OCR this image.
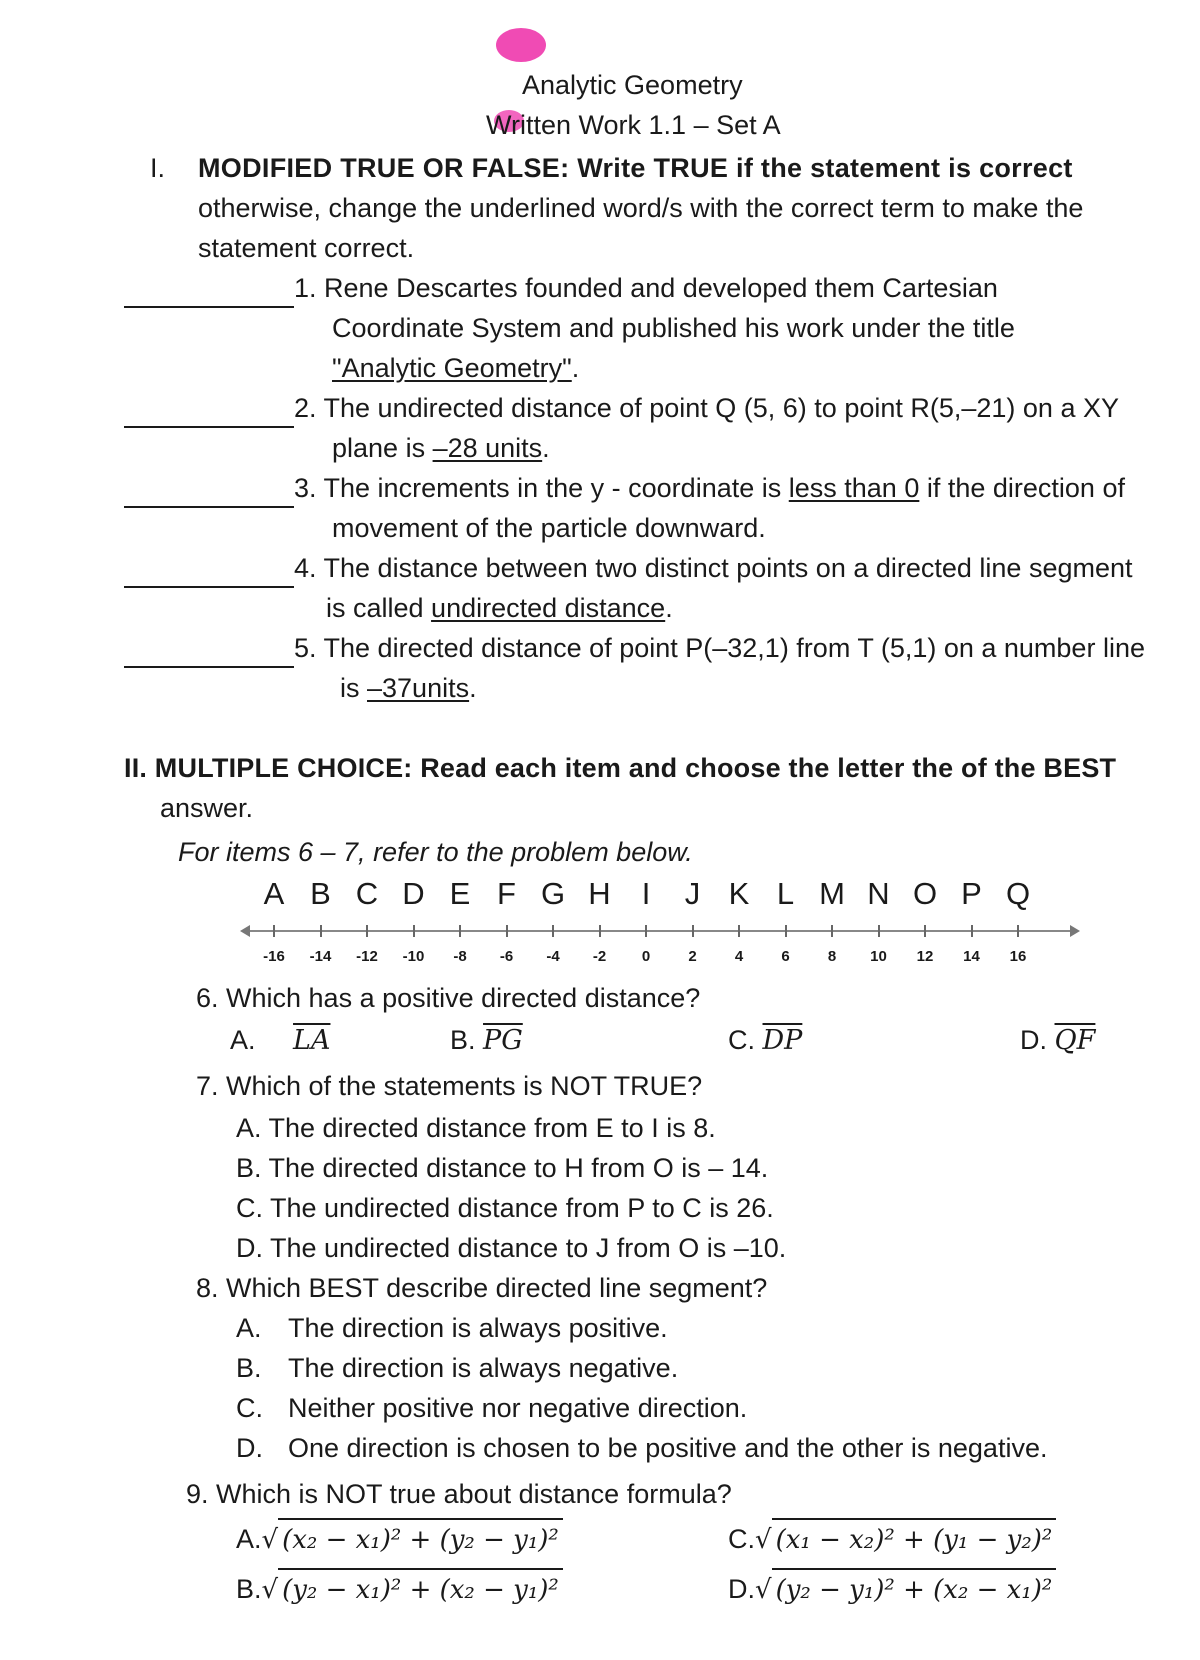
Analytic Geometry
Written Work 1.1 – Set A
I. MODIFIED TRUE OR FALSE: Write TRUE if the statement is correct
otherwise, change the underlined word/s with the correct term to make the
statement correct.
1. Rene Descartes founded and developed them Cartesian
Coordinate System and published his work under the title
"Analytic Geometry".
2. The undirected distance of point Q (5, 6) to point R(5,–21) on a XY
plane is –28 units.
3. The increments in the y - coordinate is less than 0 if the direction of
movement of the particle downward.
4. The distance between two distinct points on a directed line segment
is called undirected distance.
5. The directed distance of point P(–32,1) from T (5,1) on a number line
is –37units.
II. MULTIPLE CHOICE: Read each item and choose the letter the of the BEST
answer.
For items 6 – 7, refer to the problem below.
A B C D E F G H	I	J K L M N O P Q
-16 -14 -12 -10	-8	-6	-4	-2	0	2	4	6	8	10	12	14	16
6. Which has a positive directed distance?
A. $\overline{LA}$	B. $\overline{PG}$	C. $\overline{DP}$	D. $\overline{QF}$
7. Which of the statements is NOT TRUE?
A. The directed distance from E to I is 8.
B. The directed distance to H from O is – 14.
C. The undirected distance from P to C is 26.
D. The undirected distance to J from O is –10.
8. Which BEST describe directed line segment?
A. The direction is always positive.
B. The direction is always negative.
C. Neither positive nor negative direction.
D. One direction is chosen to be positive and the other is negative.
9. Which is NOT true about distance formula?
A.√ (x₂ − x₁)² + (y₂ − y₁)²	C.√ (x₁ − x₂)² + (y₁ − y₂)²
B.√ (y₂ − x₁)² + (x₂ − y₁)²	D.√ (y₂ − y₁)² + (x₂ − x₁)²
